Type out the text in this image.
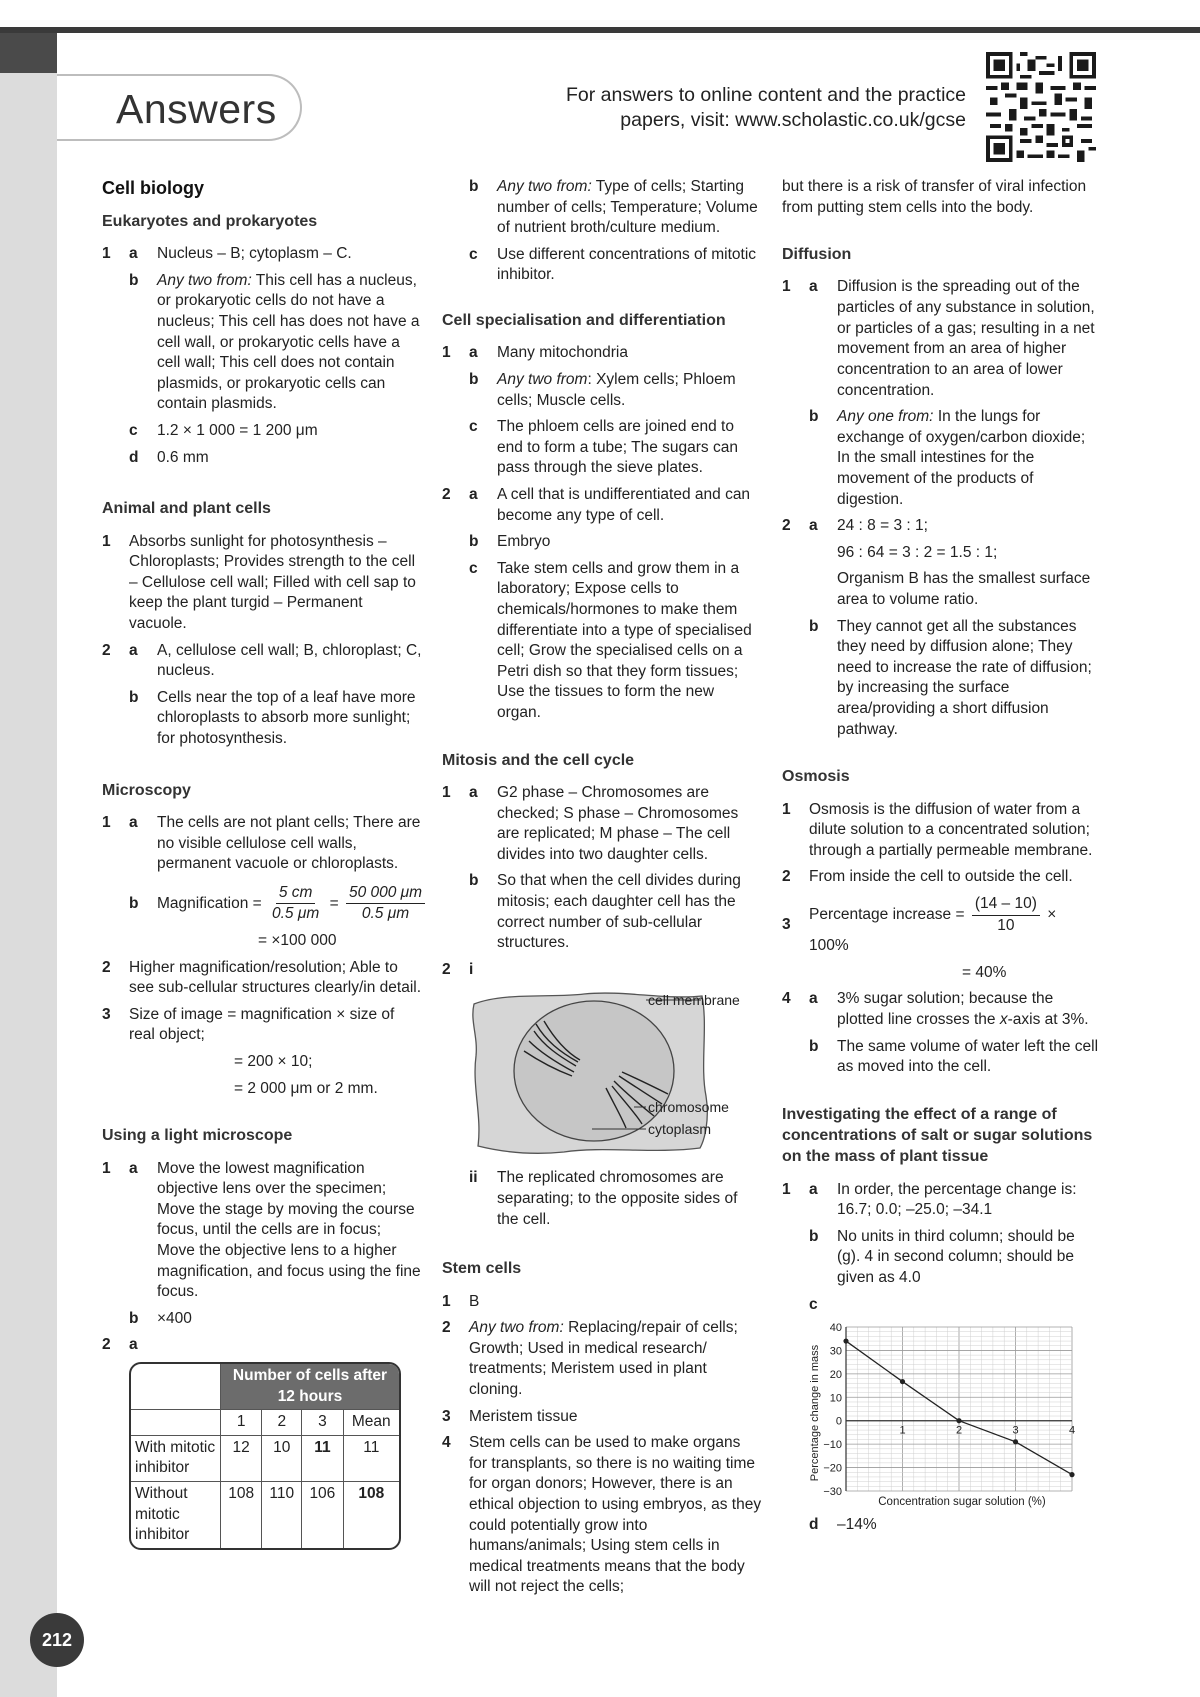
Answers	For answers to online content and the practice
papers, visit: www.scholastic.co.uk/gcse
212
Cell biology
Eukaryotes and prokaryotes
1	a	Nucleus – B; cytoplasm – C.
b	Any two from: This cell has a nucleus, or prokaryotic cells do not have a nucleus; This cell has does not have a cell wall, or prokaryotic cells have a cell wall; This cell does not contain plasmids, or prokaryotic cells can contain plasmids.
c	1.2 × 1 000 = 1 200 μm
d	0.6 mm
Animal and plant cells
1	Absorbs sunlight for photosynthesis – Chloroplasts; Provides strength to the cell – Cellulose cell wall; Filled with cell sap to keep the plant turgid – Permanent vacuole.
2	a	A, cellulose cell wall; B, chloroplast; C, nucleus.
b	Cells near the top of a leaf have more chloroplasts to absorb more sunlight; for photosynthesis.
Microscopy
1	a	The cells are not plant cells; There are no visible cellulose cell walls, permanent vacuole or chloroplasts.
b	Magnification = $\frac{5 cm}{0.5 \mu m} = \frac{50 000 \mu m}{0.5 \mu m}$
= ×100 000
2	Higher magnification/resolution; Able to see sub-cellular structures clearly/in detail.
3	Size of image = magnification × size of real object;
= 200 × 10;
= 2 000 μm or 2 mm.
Using a light microscope
1	a	Move the lowest magnification objective lens over the specimen; Move the stage by moving the course focus, until the cells are in focus; Move the objective lens to a higher magnification, and focus using the fine focus.
b	×400
2	a
	Number of cells after 12 hours			
	1	2	3	Mean
With mitotic inhibitor	12	10	11	11
Without mitotic inhibitor	108	110	106	108
b	Any two from: Type of cells; Starting number of cells; Temperature; Volume of nutrient broth/culture medium.
c	Use different concentrations of mitotic inhibitor.
Cell specialisation and differentiation
1	a	Many mitochondria
b	Any two from: Xylem cells; Phloem cells; Muscle cells.
c	The phloem cells are joined end to end to form a tube; The sugars can pass through the sieve plates.
2	a	A cell that is undifferentiated and can become any type of cell.
b	Embryo
c	Take stem cells and grow them in a laboratory; Expose cells to chemicals/hormones to make them differentiate into a type of specialised cell; Grow the specialised cells on a Petri dish so that they form tissues; Use the tissues to form the new organ.
Mitosis and the cell cycle
1	a	G2 phase – Chromosomes are checked; S phase – Chromosomes are replicated; M phase – The cell divides into two daughter cells.
b	So that when the cell divides during mitosis; each daughter cell has the correct number of sub-cellular structures.
2	i
cell membrane
chromosome
cytoplasm
ii	The replicated chromosomes are separating; to the opposite sides of the cell.
Stem cells
1	B
2	Any two from: Replacing/repair of cells; Growth; Used in medical research/ treatments; Meristem used in plant cloning.
3	Meristem tissue
4	Stem cells can be used to make organs for transplants, so there is no waiting time for organ donors; However, there is an ethical objection to using embryos, as they could potentially grow into humans/animals; Using stem cells in medical treatments means that the body will not reject the cells;
but there is a risk of transfer of viral infection from putting stem cells into the body.
Diffusion
1	a	Diffusion is the spreading out of the particles of any substance in solution, or particles of a gas; resulting in a net movement from an area of higher concentration to an area of lower concentration.
b	Any one from: In the lungs for exchange of oxygen/carbon dioxide; In the small intestines for the movement of the products of digestion.
2	a	24 : 8 = 3 : 1;
96 : 64 = 3 : 2 = 1.5 : 1;
Organism B has the smallest surface area to volume ratio.
b	They cannot get all the substances they need by diffusion alone; They need to increase the rate of diffusion; by increasing the surface area/providing a short diffusion pathway.
Osmosis
1	Osmosis is the diffusion of water from a dilute solution to a concentrated solution; through a partially permeable membrane.
2	From inside the cell to outside the cell.
3
Percentage increase = $\frac{(14 - 10)}{10}$ ×
100%
= 40%
4	a	3% sugar solution; because the plotted line crosses the x-axis at 3%.
b	The same volume of water left the cell as moved into the cell.
Investigating the effect of a range of concentrations of salt or sugar solutions on the mass of plant tissue
1	a	In order, the percentage change is: 16.7; 0.0; –25.0; –34.1
b	No units in third column; should be (g). 4 in second column; should be given as 4.0
c
40
30
20
10
0
−10
−20
−30
1	2	3	4
Percentage change in mass
Concentration sugar solution (%)
d	–14%
